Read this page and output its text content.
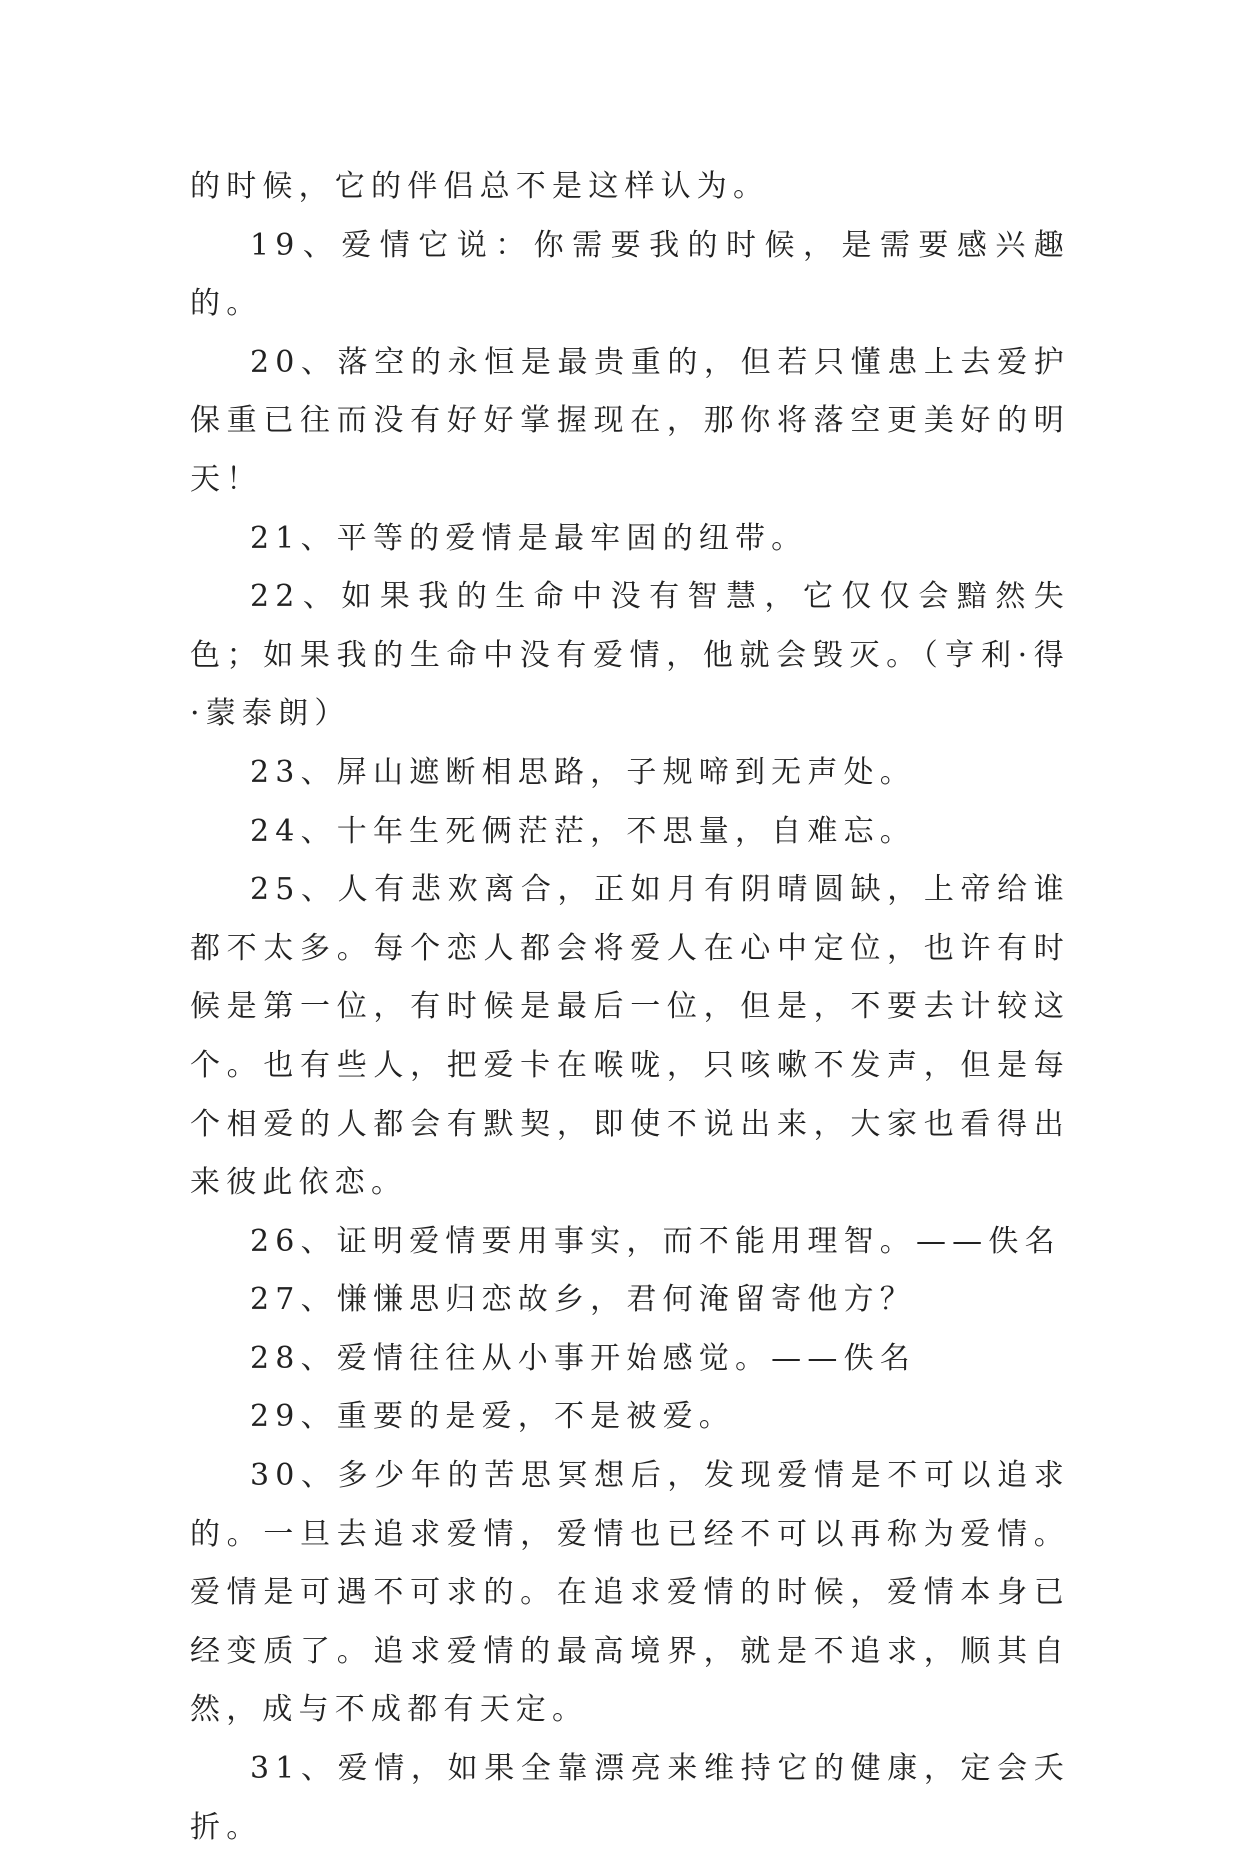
的时候，它的伴侣总不是这样认为。

19、爱情它说：你需要我的时候，是需要感兴趣的。

20、落空的永恒是最贵重的，但若只懂患上去爱护保重已往而没有好好掌握现在，那你将落空更美好的明天！

21、平等的爱情是最牢固的纽带。

22、如果我的生命中没有智慧，它仅仅会黯然失色；如果我的生命中没有爱情，他就会毁灭。（亨利·得·蒙泰朗）

23、屏山遮断相思路，子规啼到无声处。

24、十年生死俩茫茫，不思量，自难忘。

25、人有悲欢离合，正如月有阴晴圆缺，上帝给谁都不太多。每个恋人都会将爱人在心中定位，也许有时候是第一位，有时候是最后一位，但是，不要去计较这个。也有些人，把爱卡在喉咙，只咳嗽不发声，但是每个相爱的人都会有默契，即使不说出来，大家也看得出来彼此依恋。

26、证明爱情要用事实，而不能用理智。——佚名

27、慊慊思归恋故乡，君何淹留寄他方？

28、爱情往往从小事开始感觉。——佚名

29、重要的是爱，不是被爱。

30、多少年的苦思冥想后，发现爱情是不可以追求的。一旦去追求爱情，爱情也已经不可以再称为爱情。 爱情是可遇不可求的。在追求爱情的时候，爱情本身已经变质了。追求爱情的最高境界，就是不追求，顺其自然，成与不成都有天定。

31、爱情，如果全靠漂亮来维持它的健康，定会夭折。
